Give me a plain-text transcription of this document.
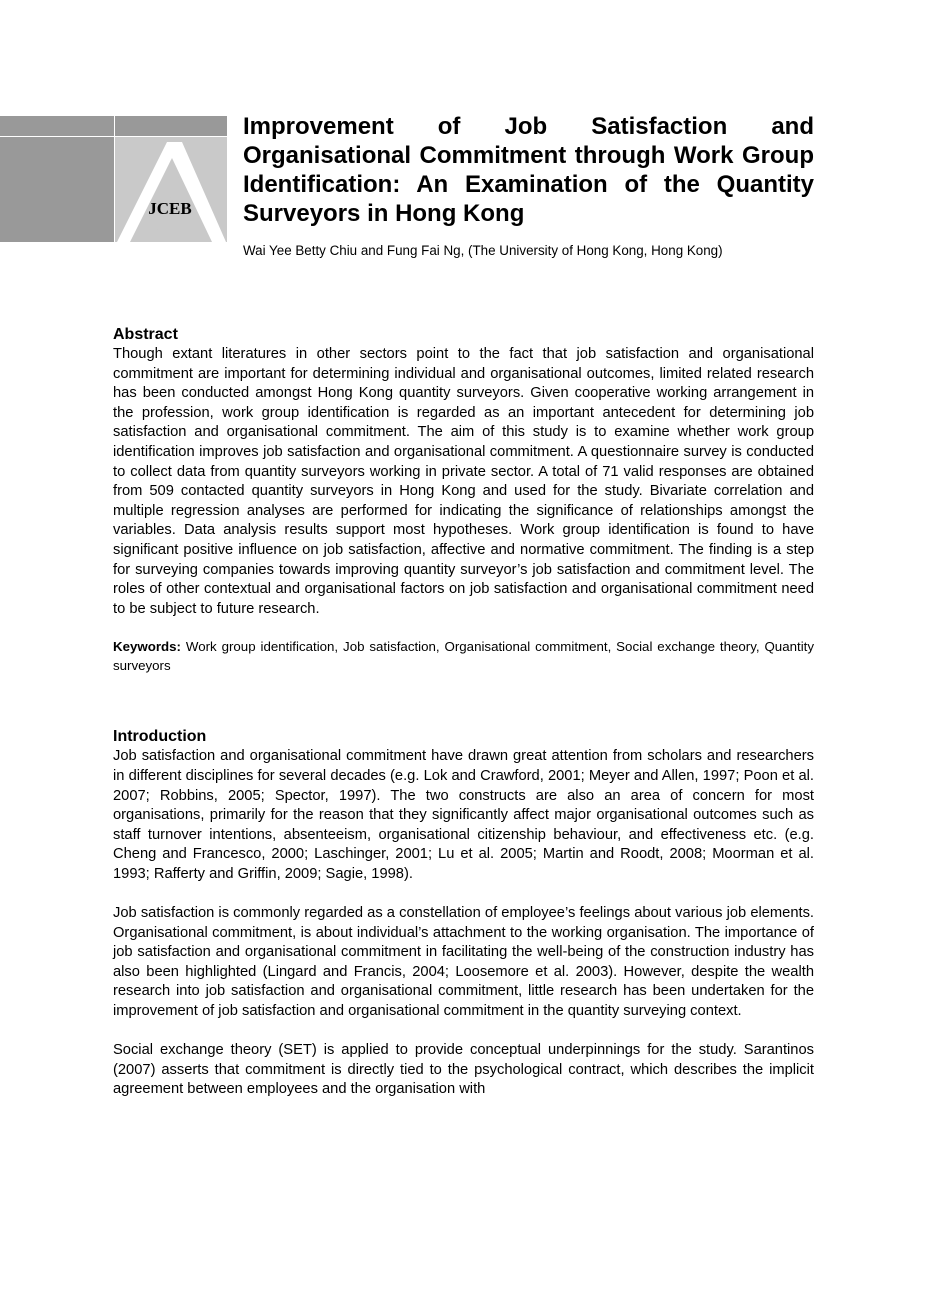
JCEB
Improvement of Job Satisfaction and Organisational Commitment through Work Group Identification: An Examination of the Quantity Surveyors in Hong Kong

Wai Yee Betty Chiu and Fung Fai Ng, (The University of Hong Kong, Hong Kong)

Abstract

Though extant literatures in other sectors point to the fact that job satisfaction and organisational commitment are important for determining individual and organisational outcomes, limited related research has been conducted amongst Hong Kong quantity surveyors. Given cooperative working arrangement in the profession, work group identification is regarded as an important antecedent for determining job satisfaction and organisational commitment. The aim of this study is to examine whether work group identification improves job satisfaction and organisational commitment. A questionnaire survey is conducted to collect data from quantity surveyors working in private sector. A total of 71 valid responses are obtained from 509 contacted quantity surveyors in Hong Kong and used for the study. Bivariate correlation and multiple regression analyses are performed for indicating the significance of relationships amongst the variables. Data analysis results support most hypotheses. Work group identification is found to have significant positive influence on job satisfaction, affective and normative commitment. The finding is a step for surveying companies towards improving quantity surveyor’s job satisfaction and commitment level. The roles of other contextual and organisational factors on job satisfaction and organisational commitment need to be subject to future research.

Keywords: Work group identification, Job satisfaction, Organisational commitment, Social exchange theory, Quantity surveyors

Introduction

Job satisfaction and organisational commitment have drawn great attention from scholars and researchers in different disciplines for several decades (e.g. Lok and Crawford, 2001; Meyer and Allen, 1997; Poon et al. 2007; Robbins, 2005; Spector, 1997). The two constructs are also an area of concern for most organisations, primarily for the reason that they significantly affect major organisational outcomes such as staff turnover intentions, absenteeism, organisational citizenship behaviour, and effectiveness etc. (e.g. Cheng and Francesco, 2000; Laschinger, 2001; Lu et al. 2005; Martin and Roodt, 2008; Moorman et al. 1993; Rafferty and Griffin, 2009; Sagie, 1998).

Job satisfaction is commonly regarded as a constellation of employee’s feelings about various job elements. Organisational commitment, is about individual’s attachment to the working organisation. The importance of job satisfaction and organisational commitment in facilitating the well-being of the construction industry has also been highlighted (Lingard and Francis, 2004; Loosemore et al. 2003). However, despite the wealth research into job satisfaction and organisational commitment, little research has been undertaken for the improvement of job satisfaction and organisational commitment in the quantity surveying context.

Social exchange theory (SET) is applied to provide conceptual underpinnings for the study. Sarantinos (2007) asserts that commitment is directly tied to the psychological contract, which describes the implicit agreement between employees and the organisation with
